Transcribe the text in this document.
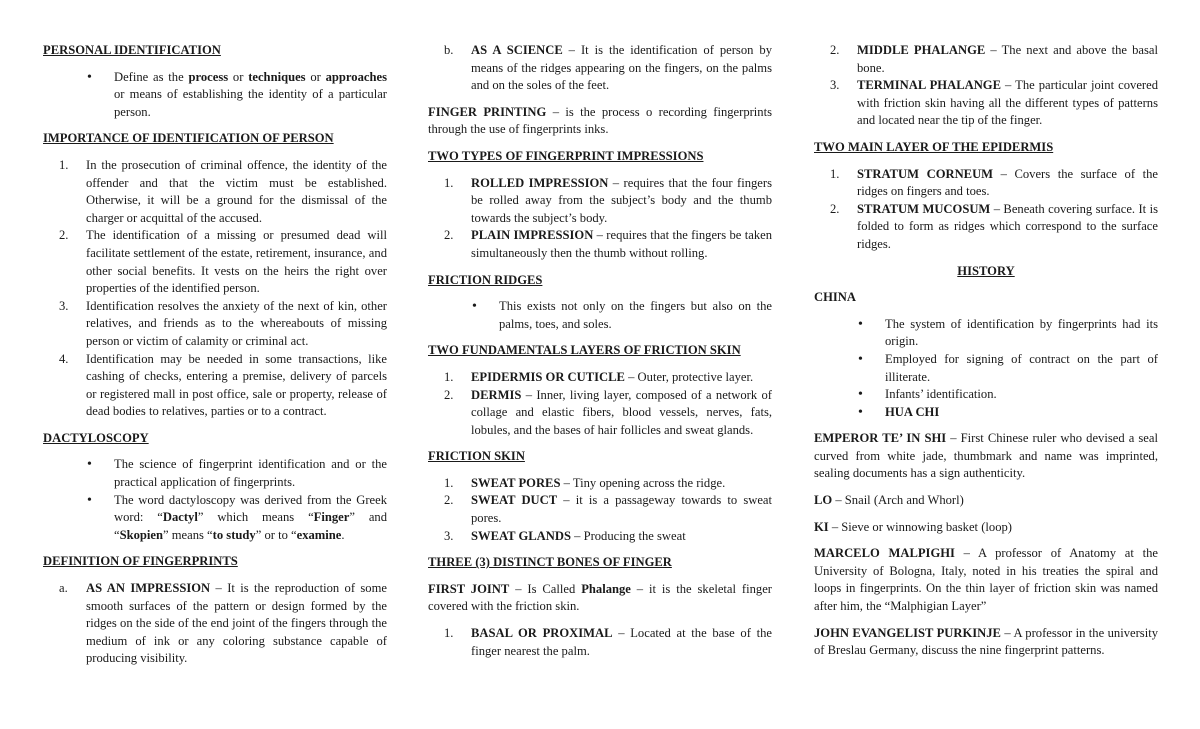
PERSONAL IDENTIFICATION
• Define as the process or techniques or approaches or means of establishing the identity of a particular person.
IMPORTANCE OF IDENTIFICATION OF PERSON
1. In the prosecution of criminal offence, the identity of the offender and that the victim must be established. Otherwise, it will be a ground for the dismissal of the charger or acquittal of the accused.
2. The identification of a missing or presumed dead will facilitate settlement of the estate, retirement, insurance, and other social benefits. It vests on the heirs the right over properties of the identified person.
3. Identification resolves the anxiety of the next of kin, other relatives, and friends as to the whereabouts of missing person or victim of calamity or criminal act.
4. Identification may be needed in some transactions, like cashing of checks, entering a premise, delivery of parcels or registered mall in post office, sale or property, release of dead bodies to relatives, parties or to a contract.
DACTYLOSCOPY
• The science of fingerprint identification and or the practical application of fingerprints.
• The word dactyloscopy was derived from the Greek word: “Dactyl” which means “Finger” and “Skopien” means “to study” or to “examine.
DEFINITION OF FINGERPRINTS
a. AS AN IMPRESSION – It is the reproduction of some smooth surfaces of the pattern or design formed by the ridges on the side of the end joint of the fingers through the medium of ink or any coloring substance capable of producing visibility.
b. AS A SCIENCE – It is the identification of person by means of the ridges appearing on the fingers, on the palms and on the soles of the feet.

FINGER PRINTING – is the process o recording fingerprints through the use of fingerprints inks.

TWO TYPES OF FINGERPRINT IMPRESSIONS
1. ROLLED IMPRESSION – requires that the four fingers be rolled away from the subject’s body and the thumb towards the subject’s body.
2. PLAIN IMPRESSION – requires that the fingers be taken simultaneously then the thumb without rolling.
FRICTION RIDGES
• This exists not only on the fingers but also on the palms, toes, and soles.
TWO FUNDAMENTALS LAYERS OF FRICTION SKIN
1. EPIDERMIS OR CUTICLE – Outer, protective layer.
2. DERMIS – Inner, living layer, composed of a network of collage and elastic fibers, blood vessels, nerves, fats, lobules, and the bases of hair follicles and sweat glands.
FRICTION SKIN
1. SWEAT PORES – Tiny opening across the ridge.
2. SWEAT DUCT – it is a passageway towards to sweat pores.
3. SWEAT GLANDS – Producing the sweat
THREE (3) DISTINCT BONES OF FINGER

FIRST JOINT – Is Called Phalange – it is the skeletal finger covered with the friction skin.

1. BASAL OR PROXIMAL – Located at the base of the finger nearest the palm.
2. MIDDLE PHALANGE – The next and above the basal bone.
3. TERMINAL PHALANGE – The particular joint covered with friction skin having all the different types of patterns and located near the tip of the finger.
TWO MAIN LAYER OF THE EPIDERMIS
1. STRATUM CORNEUM – Covers the surface of the ridges on fingers and toes.
2. STRATUM MUCOSUM – Beneath covering surface. It is folded to form as ridges which correspond to the surface ridges.
HISTORY
CHINA
• The system of identification by fingerprints had its origin.
• Employed for signing of contract on the part of illiterate.
• Infants’ identification.
• HUA CHI

EMPEROR TE’ IN SHI – First Chinese ruler who devised a seal curved from white jade, thumbmark and name was imprinted, sealing documents has a sign authenticity.

LO – Snail (Arch and Whorl)

KI – Sieve or winnowing basket (loop)

MARCELO MALPIGHI – A professor of Anatomy at the University of Bologna, Italy, noted in his treaties the spiral and loops in fingerprints. On the thin layer of friction skin was named after him, the “Malphigian Layer”

JOHN EVANGELIST PURKINJE – A professor in the university of Breslau Germany, discuss the nine fingerprint patterns.
